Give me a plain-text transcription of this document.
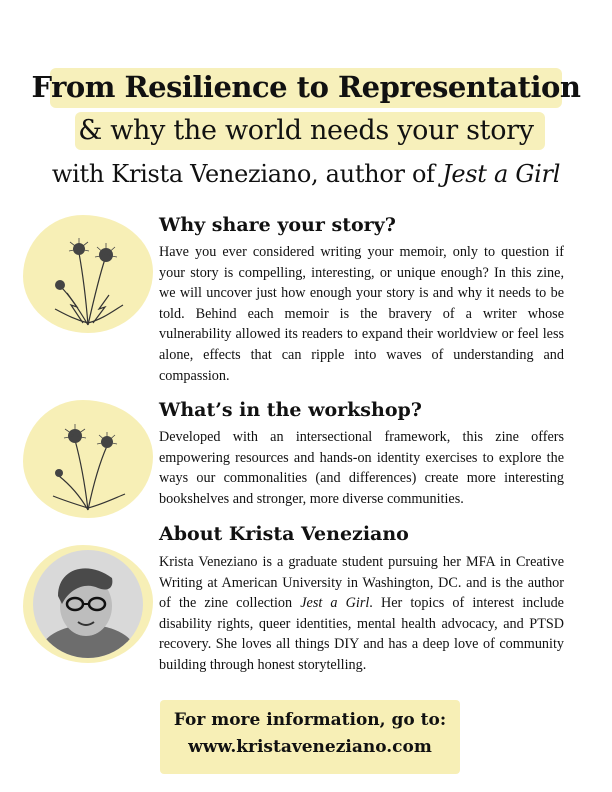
From Resilience to Representation
& why the world needs your story
with Krista Veneziano, author of Jest a Girl
Why share your story?
Have you ever considered writing your memoir, only to question if your story is compelling, interesting, or unique enough? In this zine, we will uncover just how enough your story is and why it needs to be told. Behind each memoir is the bravery of a writer whose vulnerability allowed its readers to expand their worldview or feel less alone, effects that can ripple into waves of understanding and compassion.
What’s in the workshop?
Developed with an intersectional framework, this zine offers empowering resources and hands-on identity exercises to explore the ways our commonalities (and differences) create more interesting bookshelves and stronger, more diverse communities.
About Krista Veneziano
Krista Veneziano is a graduate student pursuing her MFA in Creative Writing at American University in Washington, DC. and is the author of the zine collection Jest a Girl. Her topics of interest include disability rights, queer identities, mental health advocacy, and PTSD recovery. She loves all things DIY and has a deep love of community building through honest storytelling.
For more information, go to:
www.kristaveneziano.com
